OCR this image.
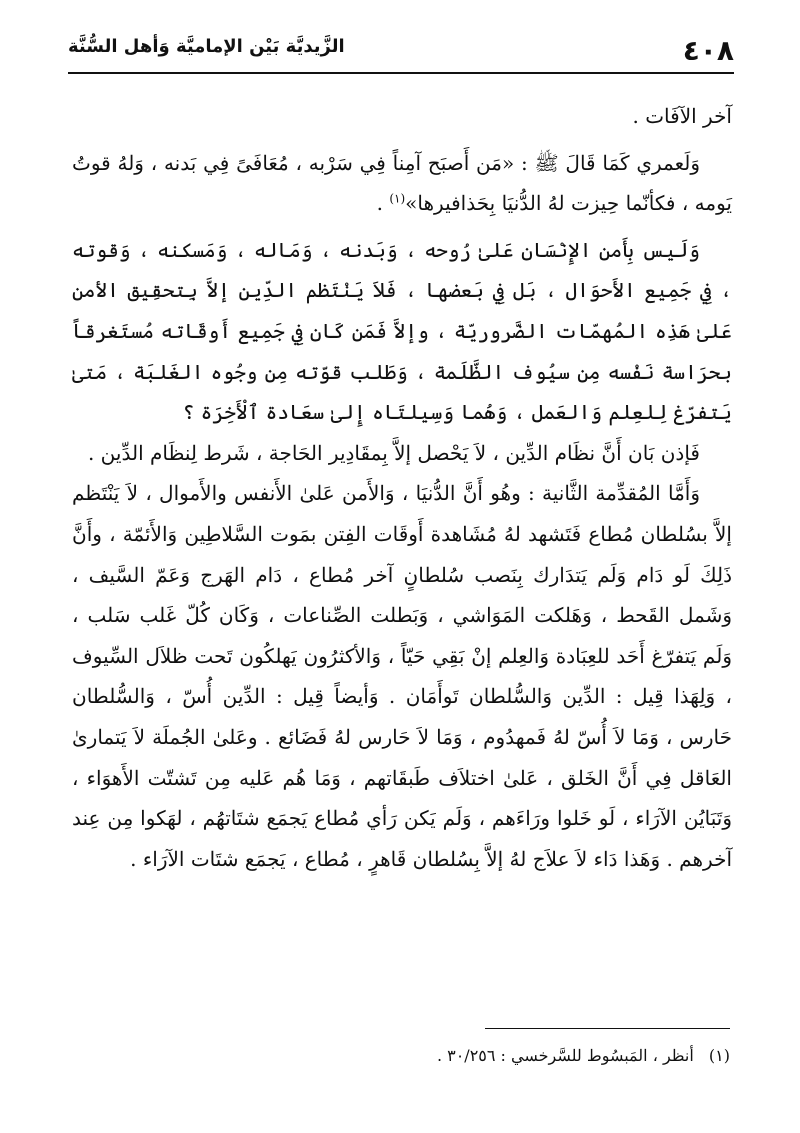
٤٠٨
الزَّيديَّة بَيْن الإماميَّة وَأهل السُّنَّة

آخر الآفَات .

وَلَعمري كَمَا قَالَ ﷺ : «مَن أَصبَح آمِناً فِي سَرْبه ، مُعَافَىً فِي بَدنه ، وَلهُ قوتُ يَومه ، فكأنّما حِيزت لهُ الدُّنيَا بِحَذافيرها»$^{(١)}$ .

وَلَيس بِأَمن الإِنْسَان عَلىٰ رُوحه ، وَبَدنه ، وَمَاله ، وَمَسكنه ، وَقوته ، فِي جَمِيع الأَحوَال ، بَل فِي بَعضها ، فَلاَ يَنْتَظم الدِّين إلاَّ بِتحقِيق الأمن عَلىٰ هَذِه المُهمّات الضَّروريّة ، وإلاَّ فَمَن كَان فِي جَمِيع أَوقَاته مُستَغرقاً بحرَاسة نَفْسه مِن سيُوف الظَّلَمة ، وَطَلب قوّته مِن وجُوه الغَلبَة ، مَتىٰ يَتفرّغ لِلعِلم وَالعَمل ، وَهُما وَسِيلتَاه إِلىٰ سعَادة ٱلْأَخِرَة ؟

فَإذن بَان أَنَّ نظَام الدِّين ، لاَ يَحْصل إلاَّ بِمقَادِير الحَاجة ، شَرط لِنظَام الدِّين .

وَأَمَّا المُقدِّمة الثَّانية : وهُو أَنَّ الدُّنيَا ، وَالأَمن عَلىٰ الأَنفس والأَموال ، لاَ يَنْتَظم إلاَّ بسُلطان مُطاع فَتَشهد لهُ مُشَاهدة أَوقَات الفِتن بمَوت السَّلاطِين وَالأَئمّة ، وأَنَّ ذَلِكَ لَو دَام وَلَم يَتدَارك بِنَصب سُلطانٍ آخر مُطاع ، دَام الهَرج وَعَمّ السَّيف ، وَشَمل القَحط ، وَهَلكت المَوَاشي ، وَبَطلت الصِّناعات ، وَكَان كُلّ غَلب سَلب ، وَلَم يَتفرّغ أَحَد للعِبَادة وَالعِلم إنْ بَقِي حَيّاً ، وَالأكثرُون يَهلكُون تَحت ظلاَل السِّيوف ، وَلِهَذا قِيل : الدِّين وَالسُّلطان تَوأَمَان . وَأيضاً قِيل : الدِّين أُسّ ، وَالسُّلطان حَارس ، وَمَا لاَ أُسّ لهُ فَمهدُوم ، وَمَا لاَ حَارس لهُ فَضَائع . وعَلىٰ الجُملَة لاَ يَتمارىٰ العَاقل فِي أَنَّ الخَلق ، عَلىٰ اختلاَف طَبقَاتهم ، وَمَا هُم عَليه مِن تَشتّت الأَهوَاء ، وَتَبَايُن الآرَاء ، لَو خَلوا ورَاءَهم ، وَلَم يَكن رَأي مُطاع يَجمَع شتَاتهُم ، لهَكوا مِن عِند آخرهم . وَهَذا دَاء لاَ علاَج لهُ إلاَّ بِسُلطان قَاهرٍ ، مُطاع ، يَجمَع شتَات الآرَاء .

(١) أنظر ، المَبسُوط للسَّرخسي : ٣٠/٢٥٦ .
